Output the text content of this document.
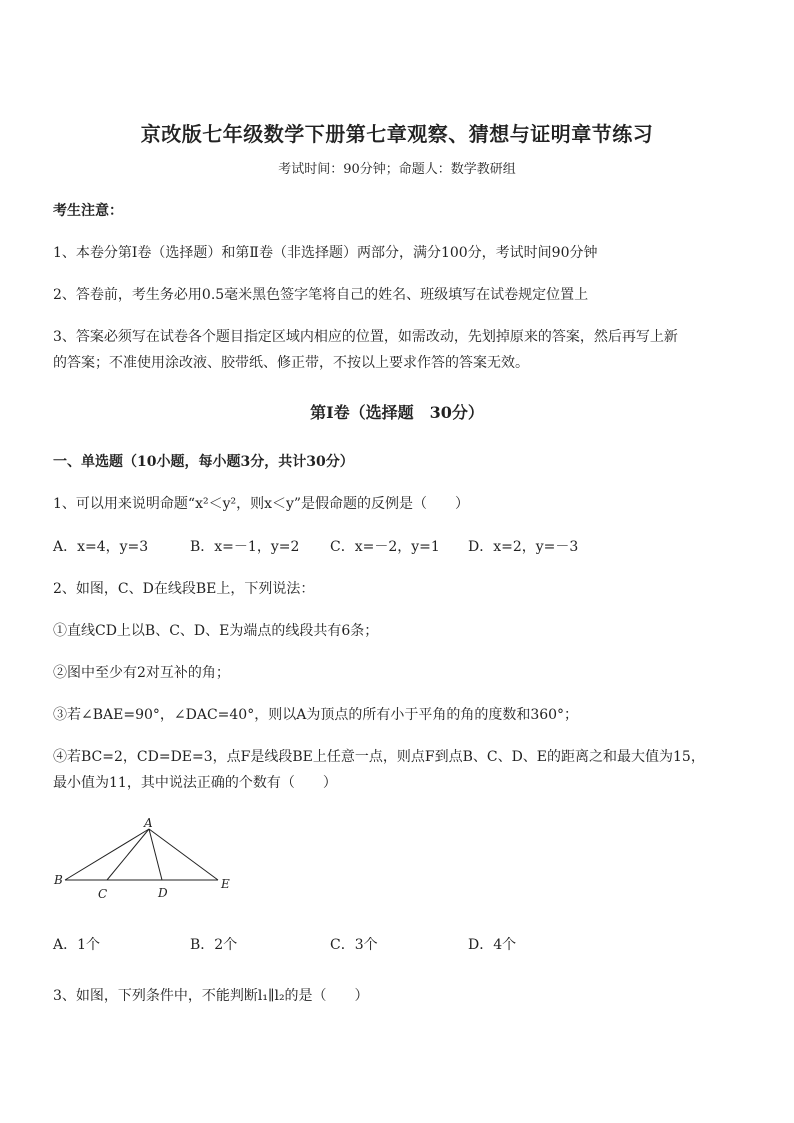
京改版七年级数学下册第七章观察、猜想与证明章节练习
考试时间：90分钟；命题人：数学教研组
考生注意：
1、本卷分第Ⅰ卷（选择题）和第Ⅱ卷（非选择题）两部分，满分100分，考试时间90分钟
2、答卷前，考生务必用0.5毫米黑色签字笔将自己的姓名、班级填写在试卷规定位置上
3、答案必须写在试卷各个题目指定区域内相应的位置，如需改动，先划掉原来的答案，然后再写上新
的答案；不准使用涂改液、胶带纸、修正带，不按以上要求作答的答案无效。
第Ⅰ卷（选择题　30分）
一、单选题（10小题，每小题3分，共计30分）
1、可以用来说明命题“x²＜y²，则x＜y”是假命题的反例是（　　）
A．x=4，y=3	B．x=－1，y=2 C．x=－2，y=1 D．x=2，y=－3
2、如图，C、D在线段BE上，下列说法：
①直线CD上以B、C、D、E为端点的线段共有6条；
②图中至少有2对互补的角；
③若∠BAE=90°，∠DAC=40°，则以A为顶点的所有小于平角的角的度数和360°；
④若BC=2，CD=DE=3，点F是线段BE上任意一点，则点F到点B、C、D、E的距离之和最大值为15，
最小值为11，其中说法正确的个数有（　　）
A
B
C	D
E
A．1个	B．2个	C．3个	D．4个
3、如图，下列条件中，不能判断l₁∥l₂的是（　　）
